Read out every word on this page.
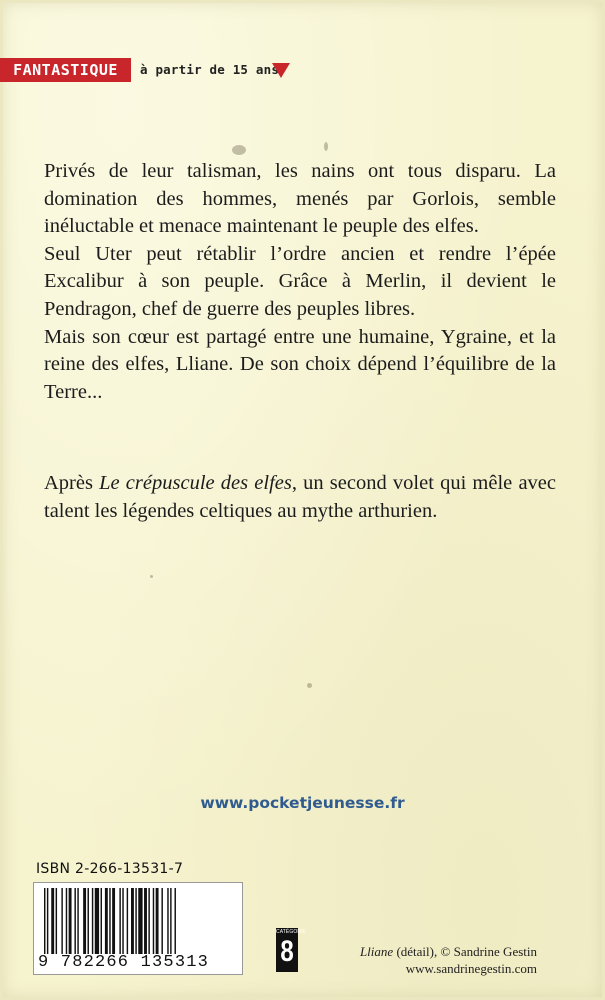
FANTASTIQUE	à partir de 15 ans

Privés de leur talisman, les nains ont tous disparu. La domination des hommes, menés par Gorlois, semble inéluctable et menace maintenant le peuple des elfes.

Seul Uter peut rétablir l’ordre ancien et rendre l’épée Excalibur à son peuple. Grâce à Merlin, il devient le Pendragon, chef de guerre des peuples libres.

Mais son cœur est partagé entre une humaine, Ygraine, et la reine des elfes, Lliane. De son choix dépend l’équilibre de la Terre...

Après Le crépuscule des elfes, un second volet qui mêle avec talent les légendes celtiques au mythe arthurien.

www.pocketjeunesse.fr
ISBN 2-266-13531-7
9 782266 135313
CATÉGORIE
8	Lliane (détail), © Sandrine Gestin
www.sandrinegestin.com
